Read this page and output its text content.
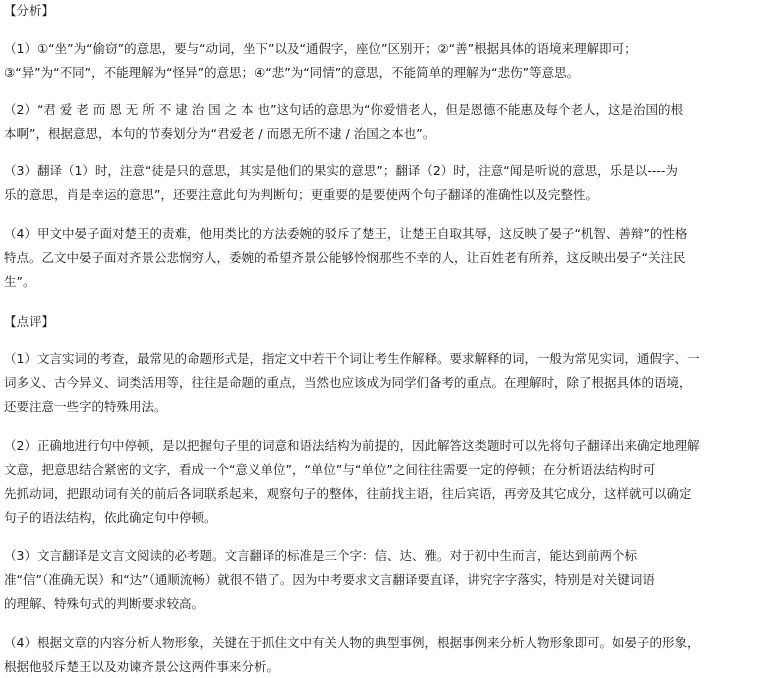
【分析】
（1）①“坐”为“偷窃”的意思，要与“动词，坐下”以及“通假字，座位”区别开；②“善”根据具体的语境来理解即可；
③“异”为“不同”，不能理解为“怪异”的意思；④“悲”为“同情”的意思，不能简单的理解为“悲伤”等意思。
（2）“君 爱 老 而 恩 无 所 不 逮 治 国 之 本 也”这句话的意思为“你爱惜老人，但是恩德不能惠及每个老人，这是治国的根
本啊”，根据意思，本句的节奏划分为“君爱老 / 而恩无所不逮 / 治国之本也”。
（3）翻译（1）时，注意“徒是只的意思，其实是他们的果实的意思”；翻译（2）时，注意“闻是听说的意思，乐是以----为
乐的意思，肖是幸运的意思”，还要注意此句为判断句；更重要的是要使两个句子翻译的准确性以及完整性。
（4）甲文中晏子面对楚王的责难，他用类比的方法委婉的驳斥了楚王，让楚王自取其辱，这反映了晏子“机智、善辩”的性格
特点。乙文中晏子面对齐景公悲悯穷人，委婉的希望齐景公能够怜悯那些不幸的人，让百姓老有所养，这反映出晏子“关注民
生”。
【点评】
（1）文言实词的考查，最常见的命题形式是，指定文中若干个词让考生作解释。要求解释的词，一般为常见实词，通假字、一
词多义、古今异义、词类活用等，往往是命题的重点，当然也应该成为同学们备考的重点。在理解时，除了根据具体的语境，
还要注意一些字的特殊用法。
（2）正确地进行句中停顿，是以把握句子里的词意和语法结构为前提的，因此解答这类题时可以先将句子翻译出来确定地理解
文意，把意思结合紧密的文字，看成一个“意义单位”，“单位”与“单位”之间往往需要一定的停顿；在分析语法结构时可
先抓动词，把跟动词有关的前后各词联系起来，观察句子的整体，往前找主语，往后宾语，再旁及其它成分，这样就可以确定
句子的语法结构，依此确定句中停顿。
（3）文言翻译是文言文阅读的必考题。文言翻译的标准是三个字：信、达、雅。对于初中生而言，能达到前两个标
准“信”（准确无误）和“达”（通顺流畅）就很不错了。因为中考要求文言翻译要直译，讲究字字落实，特别是对关键词语
的理解、特殊句式的判断要求较高。
（4）根据文章的内容分析人物形象，关键在于抓住文中有关人物的典型事例，根据事例来分析人物形象即可。如晏子的形象，
根据他驳斥楚王以及劝谏齐景公这两件事来分析。
